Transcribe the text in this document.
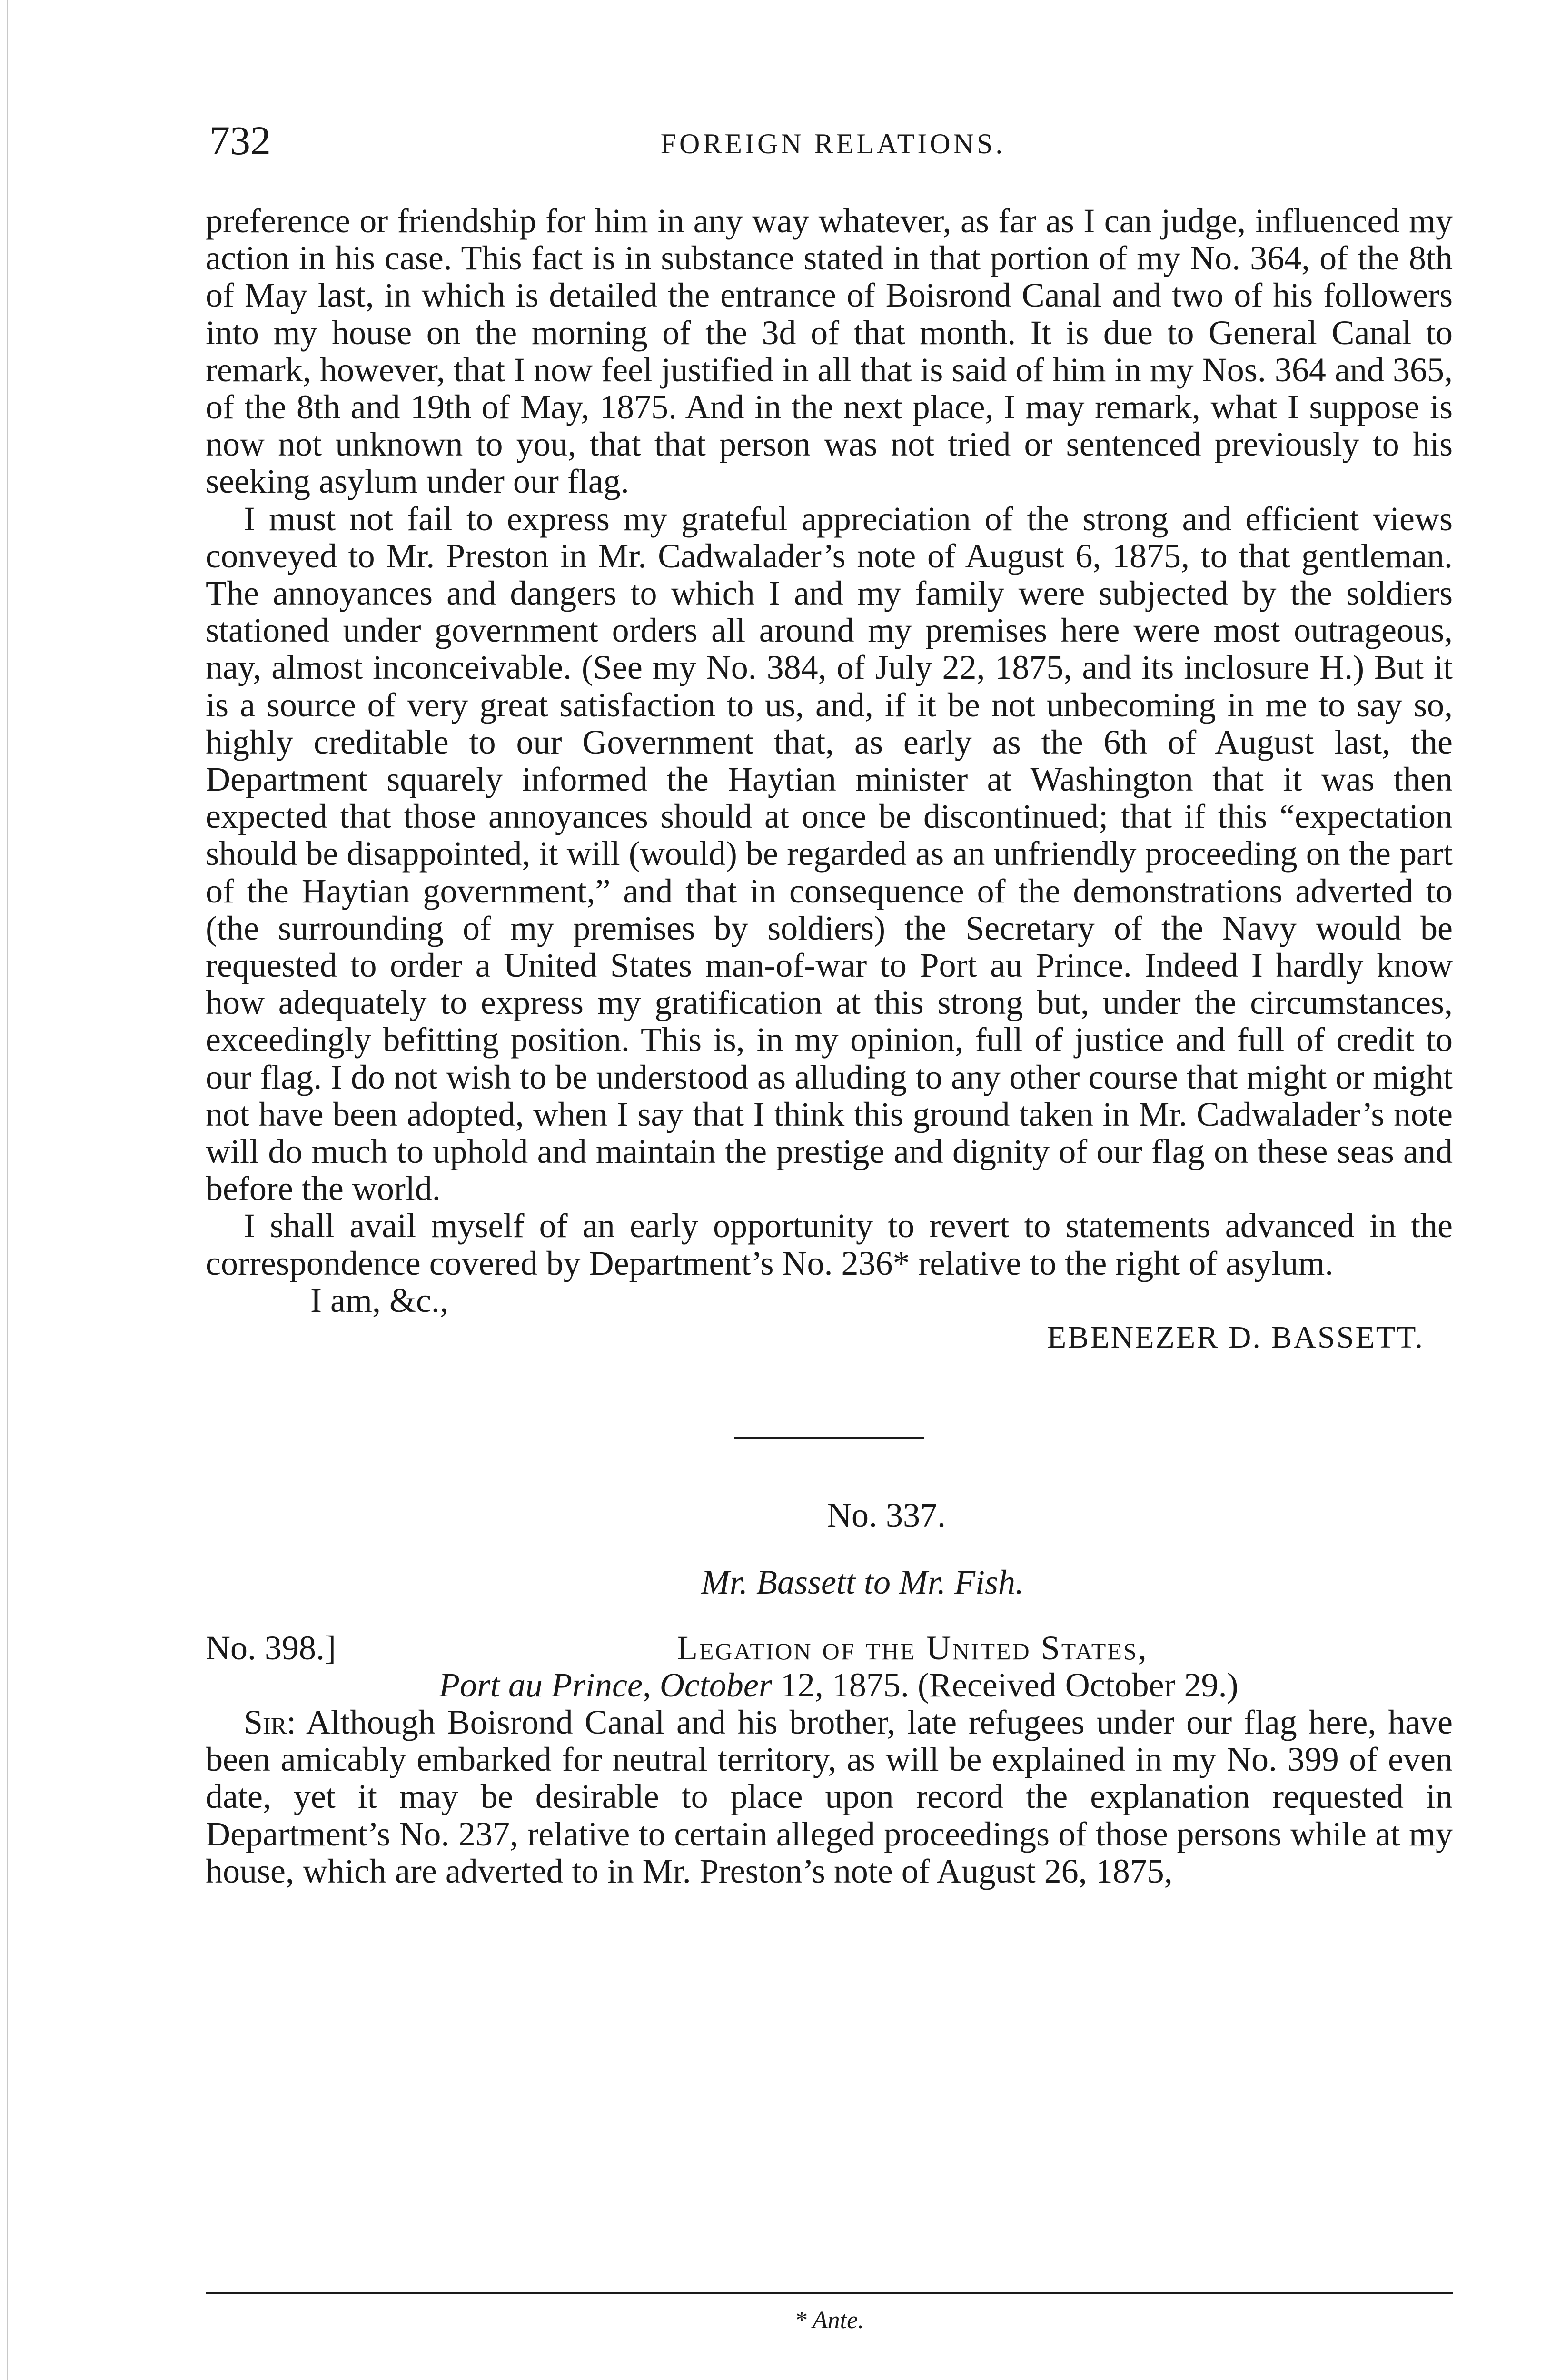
732	FOREIGN RELATIONS.

preference or friendship for him in any way whatever, as far as I can judge, influenced my action in his case. This fact is in substance stated in that portion of my No. 364, of the 8th of May last, in which is detailed the entrance of Boisrond Canal and two of his followers into my house on the morning of the 3d of that month. It is due to General Canal to remark, however, that I now feel justified in all that is said of him in my Nos. 364 and 365, of the 8th and 19th of May, 1875. And in the next place, I may remark, what I suppose is now not unknown to you, that that person was not tried or sentenced previously to his seeking asylum under our flag.

I must not fail to express my grateful appreciation of the strong and efficient views conveyed to Mr. Preston in Mr. Cadwalader’s note of August 6, 1875, to that gentleman. The annoyances and dangers to which I and my family were subjected by the soldiers stationed under government orders all around my premises here were most outrageous, nay, almost inconceivable. (See my No. 384, of July 22, 1875, and its inclosure H.) But it is a source of very great satisfaction to us, and, if it be not unbecoming in me to say so, highly creditable to our Government that, as early as the 6th of August last, the Department squarely informed the Haytian minister at Washington that it was then expected that those annoyances should at once be discontinued; that if this “expectation should be disappointed, it will (would) be regarded as an unfriendly proceeding on the part of the Haytian government,” and that in consequence of the demonstrations adverted to (the surrounding of my premises by soldiers) the Secretary of the Navy would be requested to order a United States man-of-war to Port au Prince. Indeed I hardly know how adequately to express my gratification at this strong but, under the circumstances, exceedingly befitting position. This is, in my opinion, full of justice and full of credit to our flag. I do not wish to be understood as alluding to any other course that might or might not have been adopted, when I say that I think this ground taken in Mr. Cadwalader’s note will do much to uphold and maintain the prestige and dignity of our flag on these seas and before the world.

I shall avail myself of an early opportunity to revert to statements advanced in the correspondence covered by Department’s No. 236* relative to the right of asylum.

I am, &c.,

EBENEZER D. BASSETT.

No. 337.

Mr. Bassett to Mr. Fish.

No. 398.]	Legation of the United States,

Port au Prince, October 12, 1875. (Received October 29.)

Sir: Although Boisrond Canal and his brother, late refugees under our flag here, have been amicably embarked for neutral territory, as will be explained in my No. 399 of even date, yet it may be desirable to place upon record the explanation requested in Department’s No. 237, relative to certain alleged proceedings of those persons while at my house, which are adverted to in Mr. Preston’s note of August 26, 1875,

* Ante.
